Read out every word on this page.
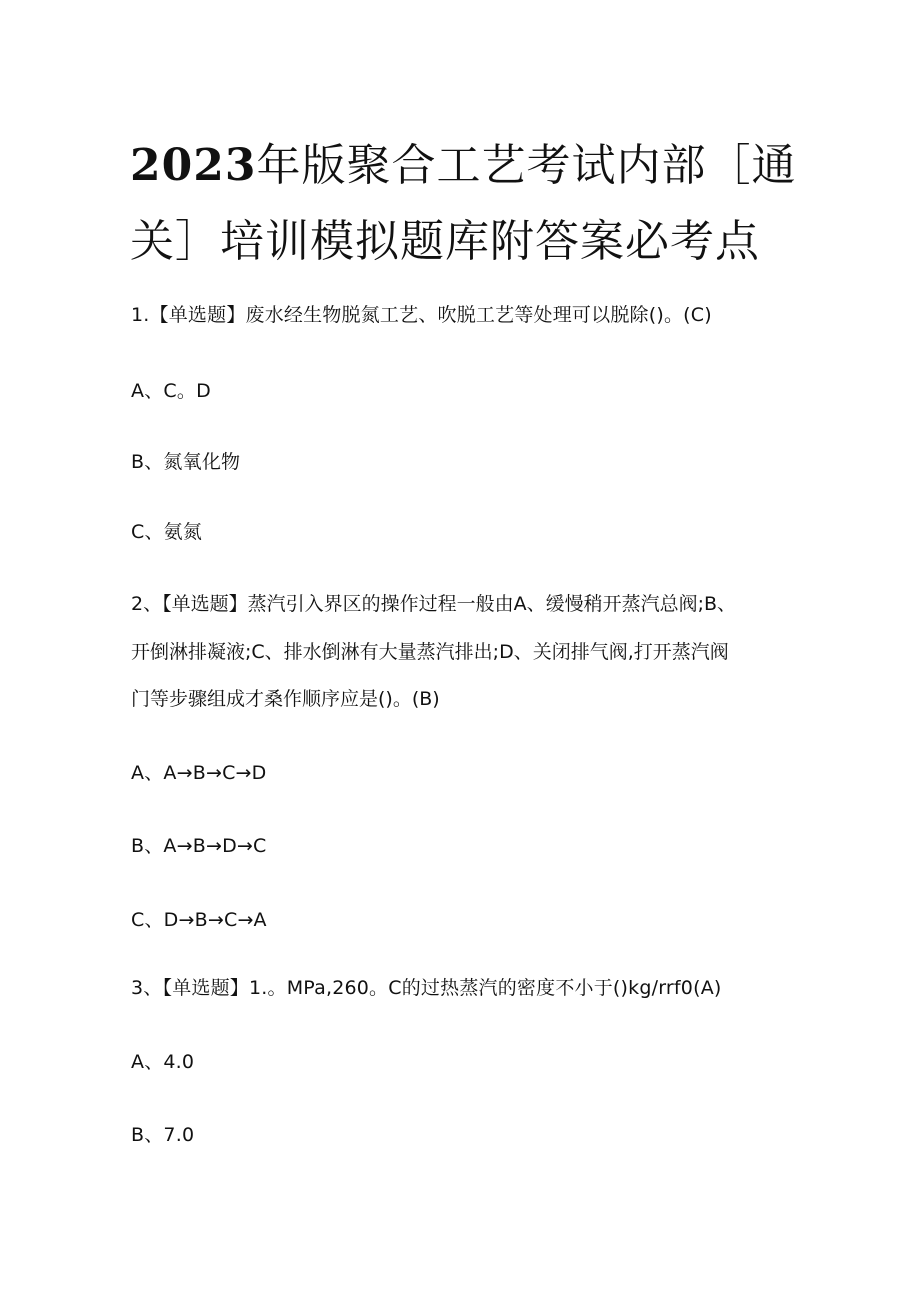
2023年版聚合工艺考试内部［通
关］培训模拟题库附答案必考点
1.【单选题】废水经生物脱氮工艺、吹脱工艺等处理可以脱除()。(C)
A、C。D
B、氮氧化物
C、氨氮
2、【单选题】蒸汽引入界区的操作过程一般由A、缓慢稍开蒸汽总阀;B、
开倒淋排凝液;C、排水倒淋有大量蒸汽排出;D、关闭排气阀,打开蒸汽阀
门等步骤组成才桑作顺序应是()。(B)
A、A→B→C→D
B、A→B→D→C
C、D→B→C→A
3、【单选题】1.。MPa,260。C的过热蒸汽的密度不小于()kg∕rrf0(A)
A、4.0
B、7.0
